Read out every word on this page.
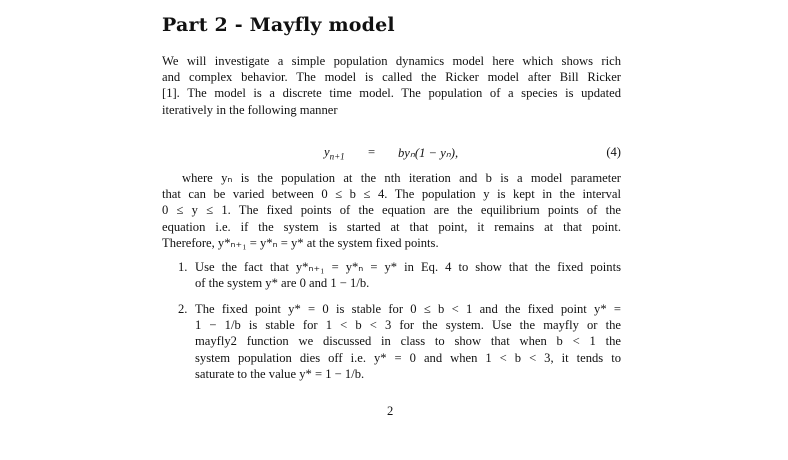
Part 2 - Mayfly model
We will investigate a simple population dynamics model here which shows rich
and complex behavior. The model is called the Ricker model after Bill Ricker
[1]. The model is a discrete time model. The population of a species is updated
iteratively in the following manner
$y_{n+1} = by_n(1 - y_n)$,	(4)
where yₙ is the population at the nth iteration and b is a model parameter
that can be varied between 0 ≤ b ≤ 4. The population y is kept in the interval
0 ≤ y ≤ 1. The fixed points of the equation are the equilibrium points of the
equation i.e. if the system is started at that point, it remains at that point.
Therefore, y*ₙ₊₁ = y*ₙ = y* at the system fixed points.
1. Use the fact that y*ₙ₊₁ = y*ₙ = y* in Eq. 4 to show that the fixed points
of the system y* are 0 and 1 − 1/b.
2. The fixed point y* = 0 is stable for 0 ≤ b < 1 and the fixed point y* =
1 − 1/b is stable for 1 < b < 3 for the system. Use the mayfly or the
mayfly2 function we discussed in class to show that when b < 1 the
system population dies off i.e. y* = 0 and when 1 < b < 3, it tends to
saturate to the value y* = 1 − 1/b.
2
